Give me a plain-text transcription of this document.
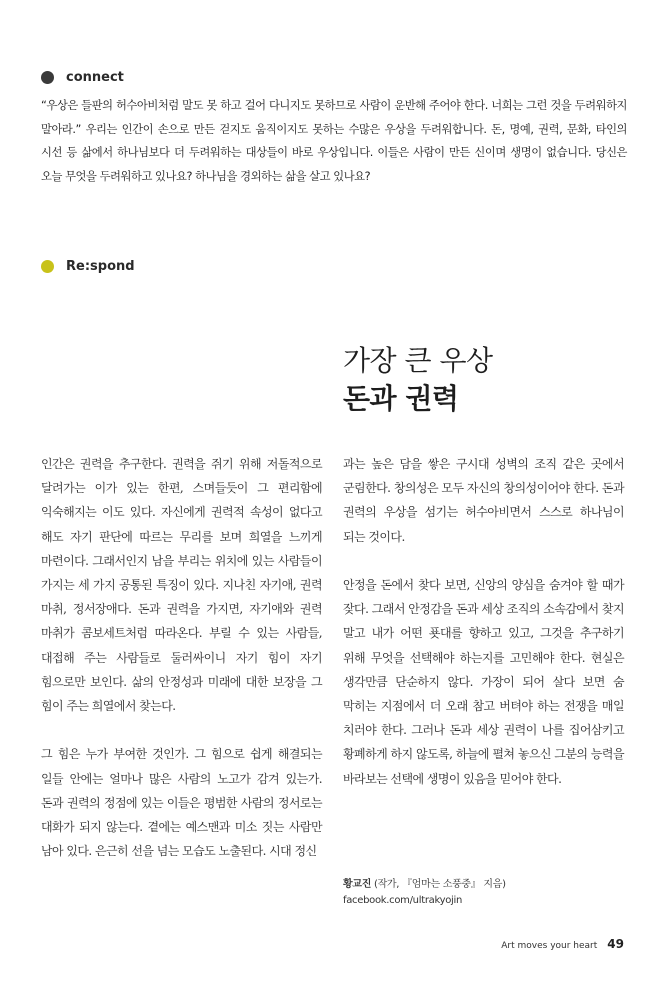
connect
“우상은 들판의 허수아비처럼 말도 못 하고 걸어 다니지도 못하므로 사람이 운반해 주어야 한다. 너희는 그런 것을 두려워하지 말아라.” 우리는 인간이 손으로 만든 걷지도 움직이지도 못하는 수많은 우상을 두려워합니다. 돈, 명예, 권력, 문화, 타인의 시선 등 삶에서 하나님보다 더 두려워하는 대상들이 바로 우상입니다. 이들은 사람이 만든 신이며 생명이 없습니다. 당신은 오늘 무엇을 두려워하고 있나요? 하나님을 경외하는 삶을 살고 있나요?
Re:spond
가장 큰 우상
돈과 권력

인간은 권력을 추구한다. 권력을 쥐기 위해 저돌적으로 달려가는 이가 있는 한편, 스며들듯이 그 편리함에 익숙해지는 이도 있다. 자신에게 권력적 속성이 없다고 해도 자기 판단에 따르는 무리를 보며 희열을 느끼게 마련이다. 그래서인지 남을 부리는 위치에 있는 사람들이 가지는 세 가지 공통된 특징이 있다. 지나친 자기애, 권력 마취, 정서장애다. 돈과 권력을 가지면, 자기애와 권력 마취가 콤보세트처럼 따라온다. 부릴 수 있는 사람들, 대접해 주는 사람들로 둘러싸이니 자기 힘이 자기 힘으로만 보인다. 삶의 안정성과 미래에 대한 보장을 그 힘이 주는 희열에서 찾는다.

그 힘은 누가 부여한 것인가. 그 힘으로 쉽게 해결되는 일들 안에는 얼마나 많은 사람의 노고가 감겨 있는가. 돈과 권력의 정점에 있는 이들은 평범한 사람의 정서로는 대화가 되지 않는다. 곁에는 예스맨과 미소 짓는 사람만 남아 있다. 은근히 선을 넘는 모습도 노출된다. 시대 정신

과는 높은 담을 쌓은 구시대 성벽의 조직 같은 곳에서 군림한다. 창의성은 모두 자신의 창의성이어야 한다. 돈과 권력의 우상을 섬기는 허수아비면서 스스로 하나님이 되는 것이다.

안정을 돈에서 찾다 보면, 신앙의 양심을 숨겨야 할 때가 잦다. 그래서 안정감을 돈과 세상 조직의 소속감에서 찾지 말고 내가 어떤 푯대를 향하고 있고, 그것을 추구하기 위해 무엇을 선택해야 하는지를 고민해야 한다. 현실은 생각만큼 단순하지 않다. 가장이 되어 살다 보면 숨 막히는 지점에서 더 오래 참고 버텨야 하는 전쟁을 매일 치러야 한다. 그러나 돈과 세상 권력이 나를 집어삼키고 황폐하게 하지 않도록, 하늘에 펼쳐 놓으신 그분의 능력을 바라보는 선택에 생명이 있음을 믿어야 한다.

황교진 (작가, 『엄마는 소풍중』 지음)
facebook.com/ultrakyojin
Art moves your heart 49
